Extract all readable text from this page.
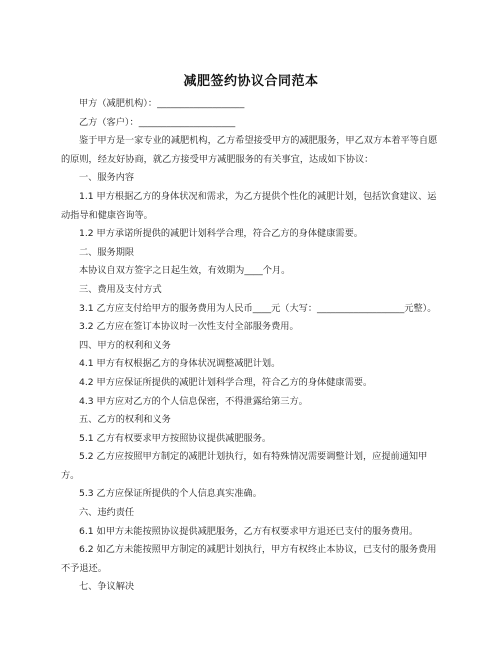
减肥签约协议合同范本

甲方（减肥机构）：___________________

乙方（客户）：_____________________

鉴于甲方是一家专业的减肥机构，乙方希望接受甲方的减肥服务，甲乙双方本着平等自愿的原则，经友好协商，就乙方接受甲方减肥服务的有关事宜，达成如下协议：

一、服务内容

1.1 甲方根据乙方的身体状况和需求，为乙方提供个性化的减肥计划，包括饮食建议、运动指导和健康咨询等。

1.2 甲方承诺所提供的减肥计划科学合理，符合乙方的身体健康需要。

二、服务期限

本协议自双方签字之日起生效，有效期为____个月。

三、费用及支付方式

3.1 乙方应支付给甲方的服务费用为人民币____元（大写：___________________元整）。

3.2 乙方应在签订本协议时一次性支付全部服务费用。

四、甲方的权利和义务

4.1 甲方有权根据乙方的身体状况调整减肥计划。

4.2 甲方应保证所提供的减肥计划科学合理，符合乙方的身体健康需要。

4.3 甲方应对乙方的个人信息保密，不得泄露给第三方。

五、乙方的权利和义务

5.1 乙方有权要求甲方按照协议提供减肥服务。

5.2 乙方应按照甲方制定的减肥计划执行，如有特殊情况需要调整计划，应提前通知甲方。

5.3 乙方应保证所提供的个人信息真实准确。

六、违约责任

6.1 如甲方未能按照协议提供减肥服务，乙方有权要求甲方退还已支付的服务费用。

6.2 如乙方未能按照甲方制定的减肥计划执行，甲方有权终止本协议，已支付的服务费用不予退还。

七、争议解决
